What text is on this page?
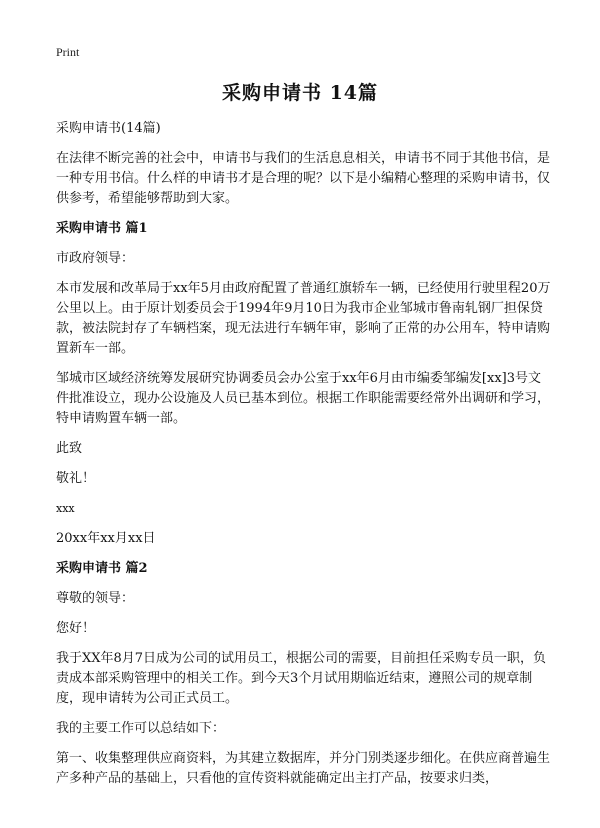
Print
采购申请书 14篇

采购申请书(14篇)

在法律不断完善的社会中，申请书与我们的生活息息相关，申请书不同于其他书信，是一种专用书信。什么样的申请书才是合理的呢？以下是小编精心整理的采购申请书，仅供参考，希望能够帮助到大家。

采购申请书 篇1

市政府领导：

本市发展和改革局于xx年5月由政府配置了普通红旗轿车一辆，已经使用行驶里程20万公里以上。由于原计划委员会于1994年9月10日为我市企业邹城市鲁南轧钢厂担保贷款，被法院封存了车辆档案，现无法进行车辆年审，影响了正常的办公用车，特申请购置新车一部。

邹城市区域经济统筹发展研究协调委员会办公室于xx年6月由市编委邹编发[xx]3号文件批准设立，现办公设施及人员已基本到位。根据工作职能需要经常外出调研和学习，特申请购置车辆一部。

此致

敬礼！

xxx

20xx年xx月xx日

采购申请书 篇2

尊敬的领导：

您好！

我于XX年8月7日成为公司的试用员工，根据公司的需要，目前担任采购专员一职，负责成本部采购管理中的相关工作。到今天3个月试用期临近结束，遵照公司的规章制度，现申请转为公司正式员工。

我的主要工作可以总结如下：

第一、收集整理供应商资料，为其建立数据库，并分门别类逐步细化。在供应商普遍生产多种产品的基础上，只看他的宣传资料就能确定出主打产品，按要求归类，
